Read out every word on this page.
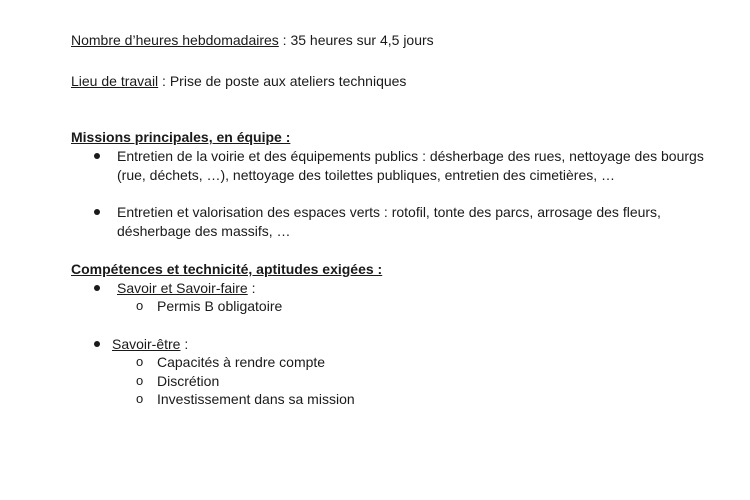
Nombre d’heures hebdomadaires : 35 heures sur 4,5 jours
Lieu de travail : Prise de poste aux ateliers techniques
Missions principales, en équipe :
Entretien de la voirie et des équipements publics : désherbage des rues, nettoyage des bourgs
(rue, déchets, …), nettoyage des toilettes publiques, entretien des cimetières, …
Entretien et valorisation des espaces verts : rotofil, tonte des parcs, arrosage des fleurs,
désherbage des massifs, …
Compétences et technicité, aptitudes exigées :
Savoir et Savoir-faire :
o Permis B obligatoire
Savoir-être :
o Capacités à rendre compte
o Discrétion
o Investissement dans sa mission
